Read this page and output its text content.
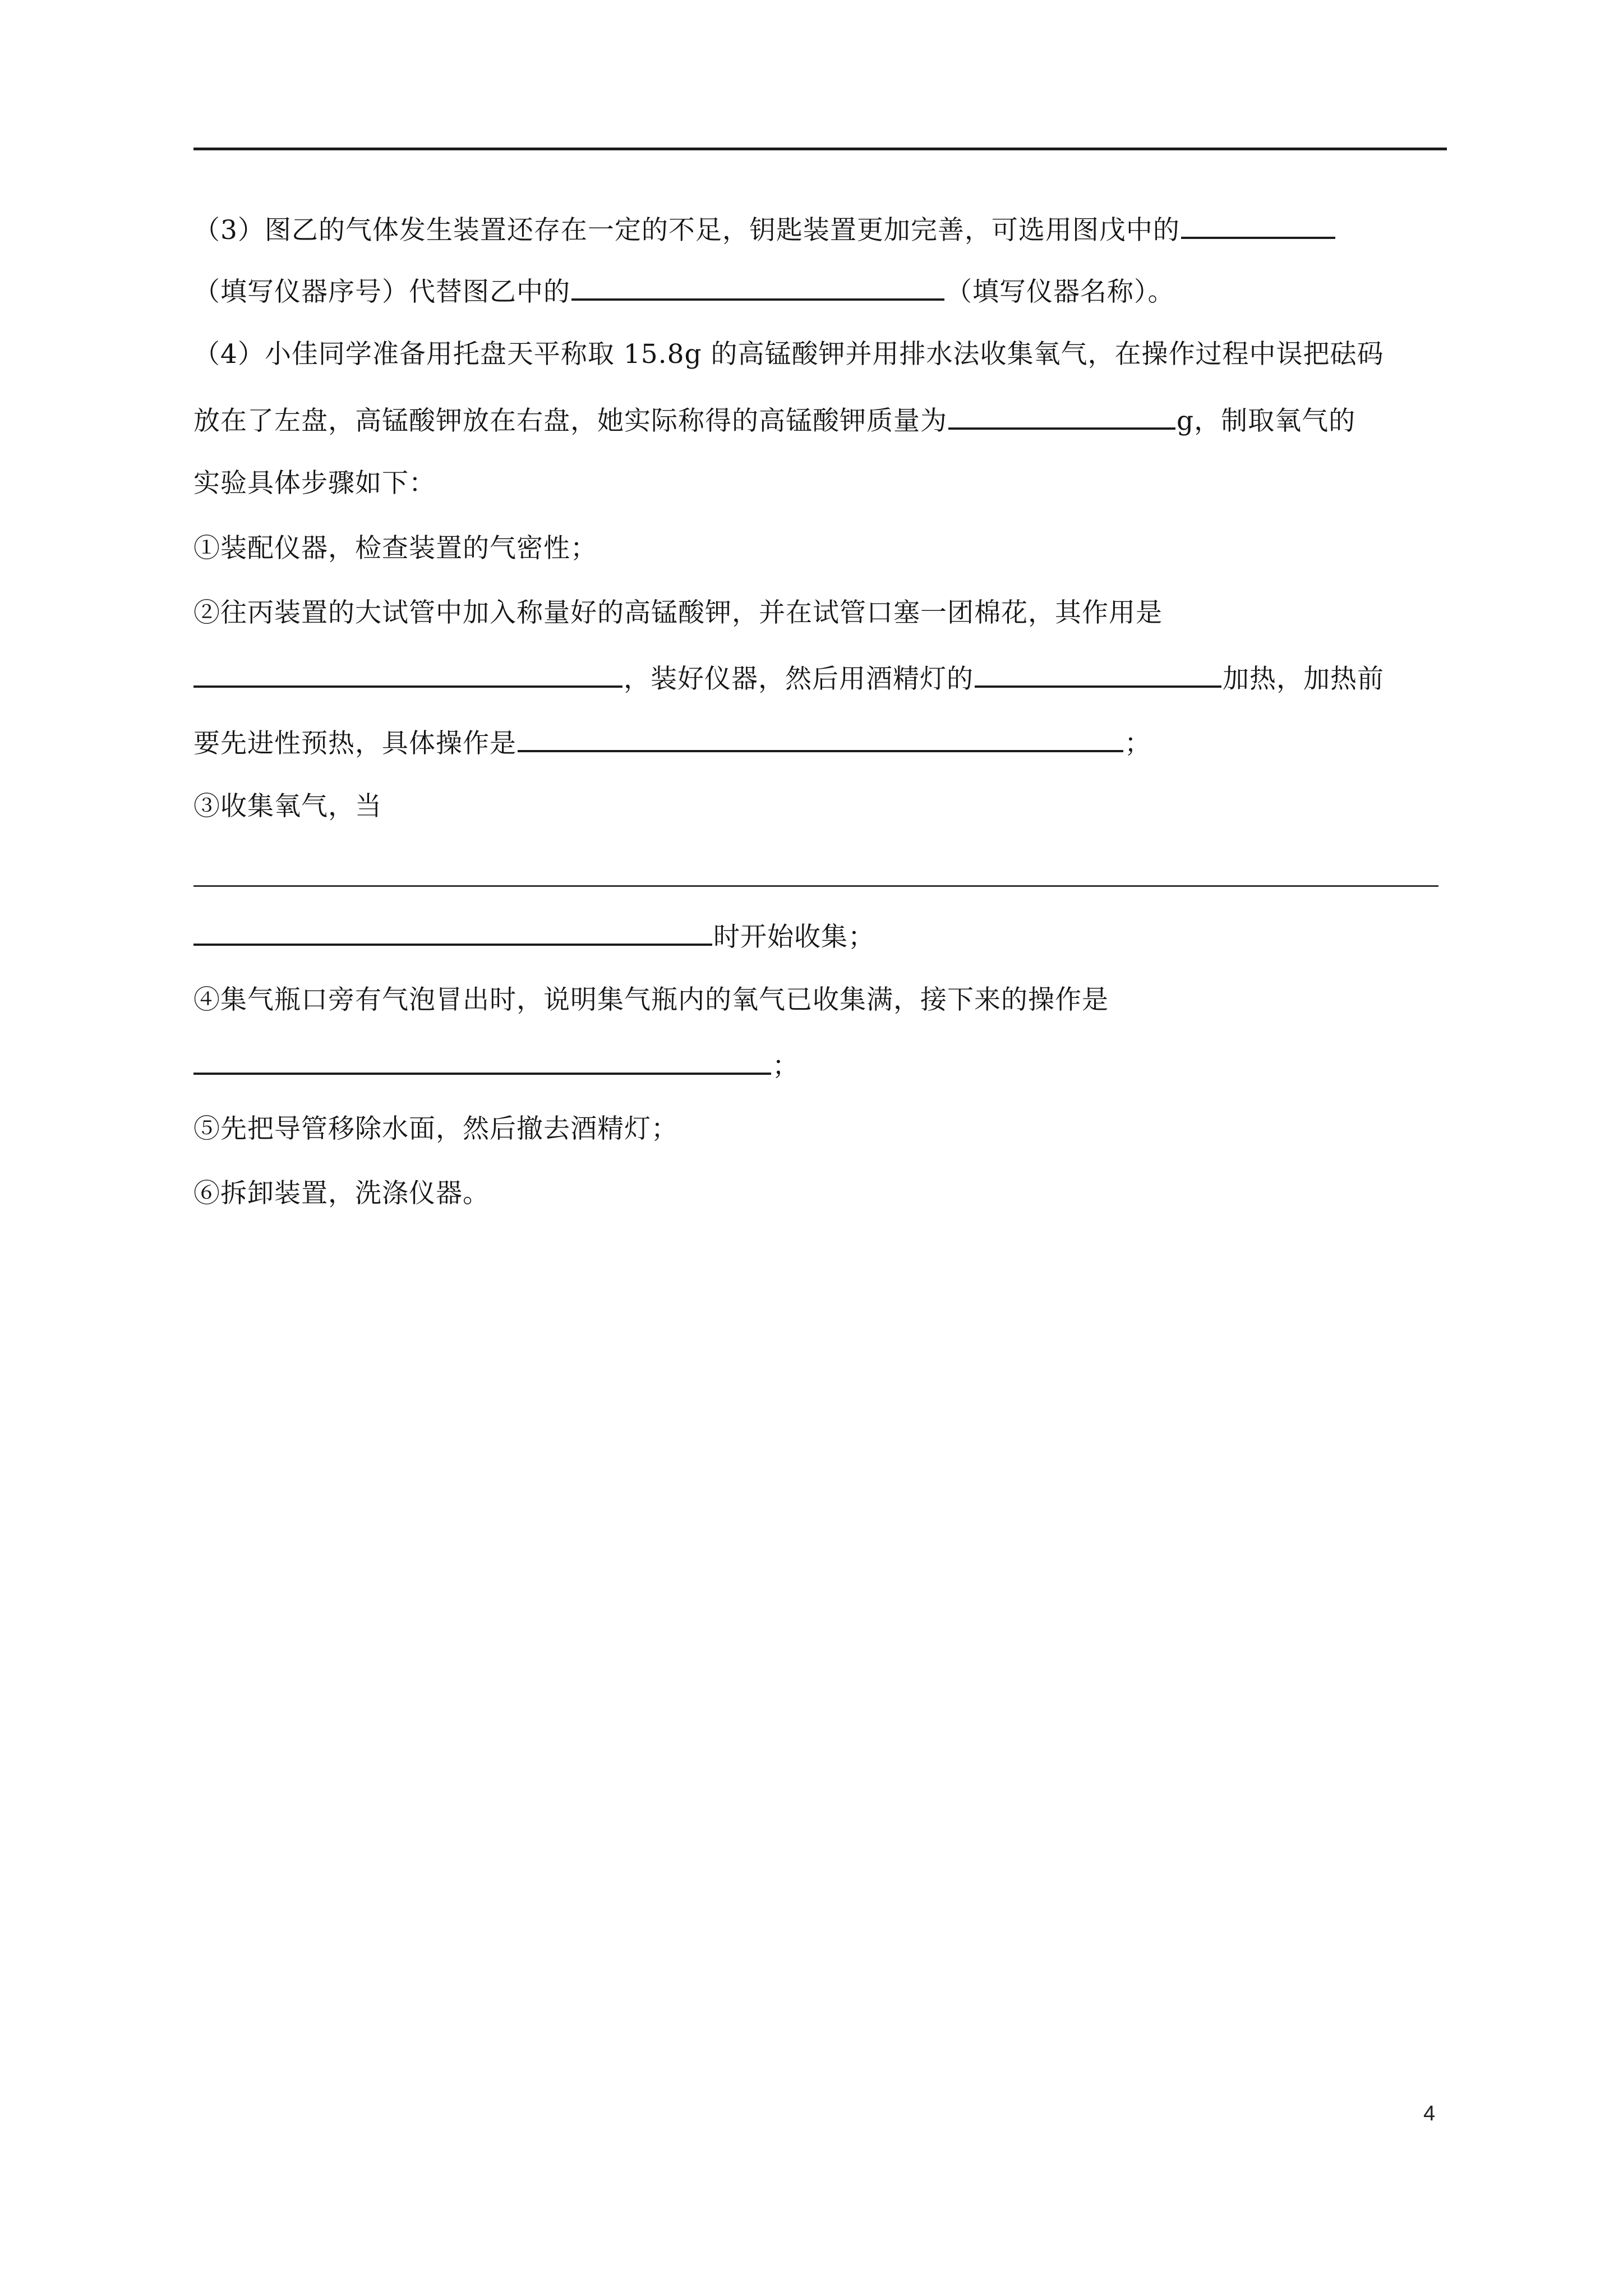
（3）图乙的气体发生装置还存在一定的不足，钥匙装置更加完善，可选用图戊中的
（填写仪器序号）代替图乙中的	（填写仪器名称）。
（4）小佳同学准备用托盘天平称取 15.8g 的高锰酸钾并用排水法收集氧气，在操作过程中误把砝码
放在了左盘，高锰酸钾放在右盘，她实际称得的高锰酸钾质量为	g，制取氧气的
实验具体步骤如下：
①装配仪器，检查装置的气密性；
②往丙装置的大试管中加入称量好的高锰酸钾，并在试管口塞一团棉花，其作用是
，装好仪器，然后用酒精灯的	加热，加热前
要先进性预热，具体操作是	；
③收集氧气，当
时开始收集；
④集气瓶口旁有气泡冒出时，说明集气瓶内的氧气已收集满，接下来的操作是
；
⑤先把导管移除水面，然后撤去酒精灯；
⑥拆卸装置，洗涤仪器。
4
